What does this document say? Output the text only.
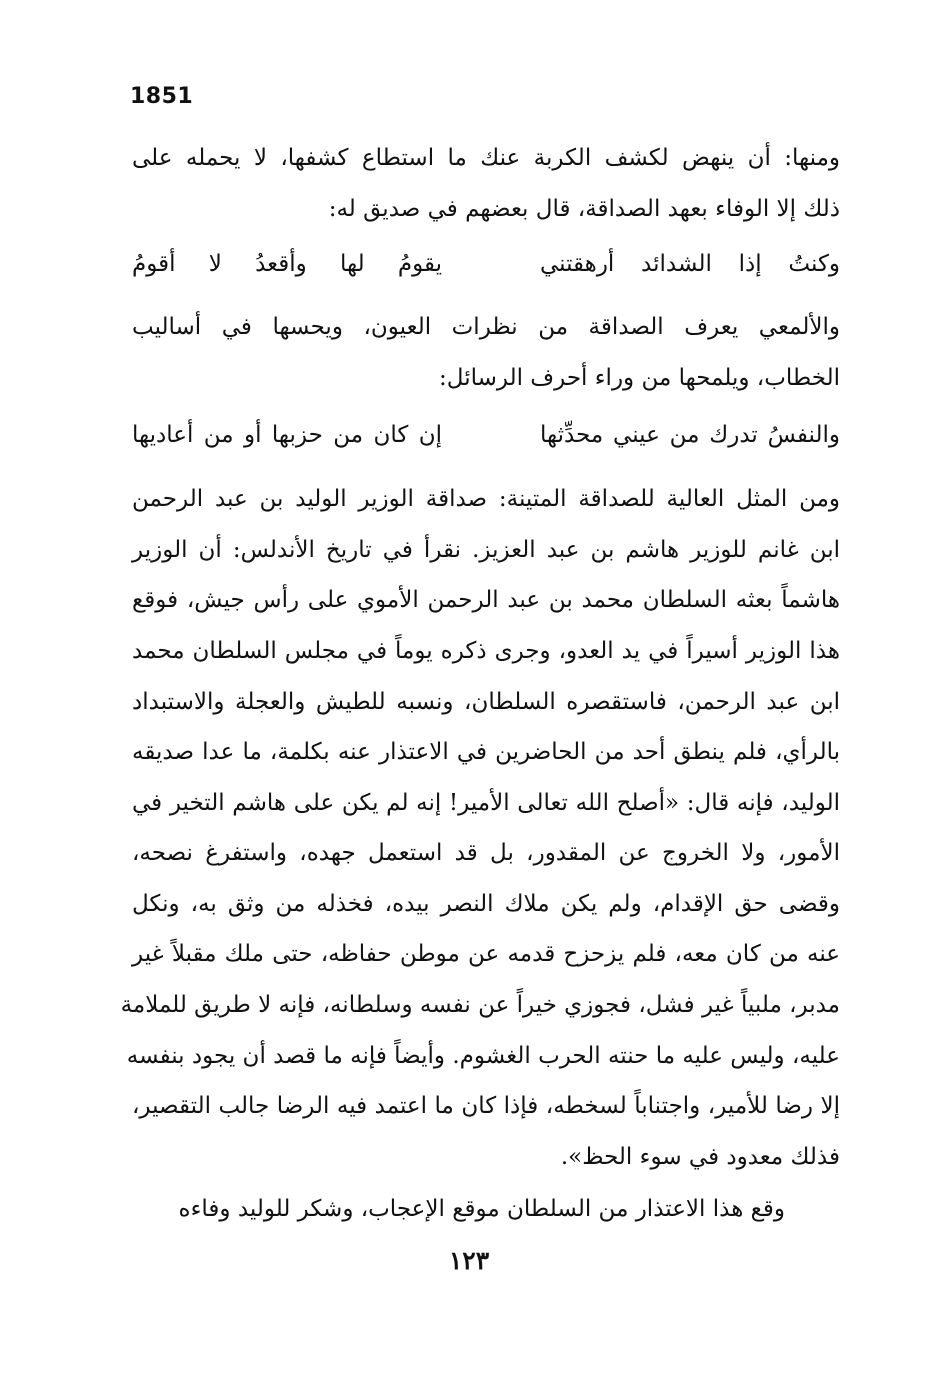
1851
ومنها: أن ينهض لكشف الكربة عنك ما استطاع كشفها، لا يحمله على
ذلك إلا الوفاء بعهد الصداقة، قال بعضهم في صديق له:
وكنتُ إذا الشدائد أرهقتني
يقومُ لها وأقعدُ لا أقومُ
والألمعي يعرف الصداقة من نظرات العيون، ويحسها في أساليب
الخطاب، ويلمحها من وراء أحرف الرسائل:
والنفسُ تدرك من عيني محدِّثها
إن كان من حزبها أو من أعاديها
ومن المثل العالية للصداقة المتينة: صداقة الوزير الوليد بن عبد الرحمن
ابن غانم للوزير هاشم بن عبد العزيز. نقرأ في تاريخ الأندلس: أن الوزير
هاشماً بعثه السلطان محمد بن عبد الرحمن الأموي على رأس جيش، فوقع
هذا الوزير أسيراً في يد العدو، وجرى ذكره يوماً في مجلس السلطان محمد
ابن عبد الرحمن، فاستقصره السلطان، ونسبه للطيش والعجلة والاستبداد
بالرأي، فلم ينطق أحد من الحاضرين في الاعتذار عنه بكلمة، ما عدا صديقه
الوليد، فإنه قال: «أصلح الله تعالى الأمير! إنه لم يكن على هاشم التخير في
الأمور، ولا الخروج عن المقدور، بل قد استعمل جهده، واستفرغ نصحه،
وقضى حق الإقدام، ولم يكن ملاك النصر بيده، فخذله من وثق به، ونكل
عنه من كان معه، فلم يزحزح قدمه عن موطن حفاظه، حتى ملك مقبلاً غير
مدبر، ملبياً غير فشل، فجوزي خيراً عن نفسه وسلطانه، فإنه لا طريق للملامة
عليه، وليس عليه ما حنته الحرب الغشوم. وأيضاً فإنه ما قصد أن يجود بنفسه
إلا رضا للأمير، واجتناباً لسخطه، فإذا كان ما اعتمد فيه الرضا جالب التقصير،
فذلك معدود في سوء الحظ».
وقع هذا الاعتذار من السلطان موقع الإعجاب، وشكر للوليد وفاءه
١٢٣
